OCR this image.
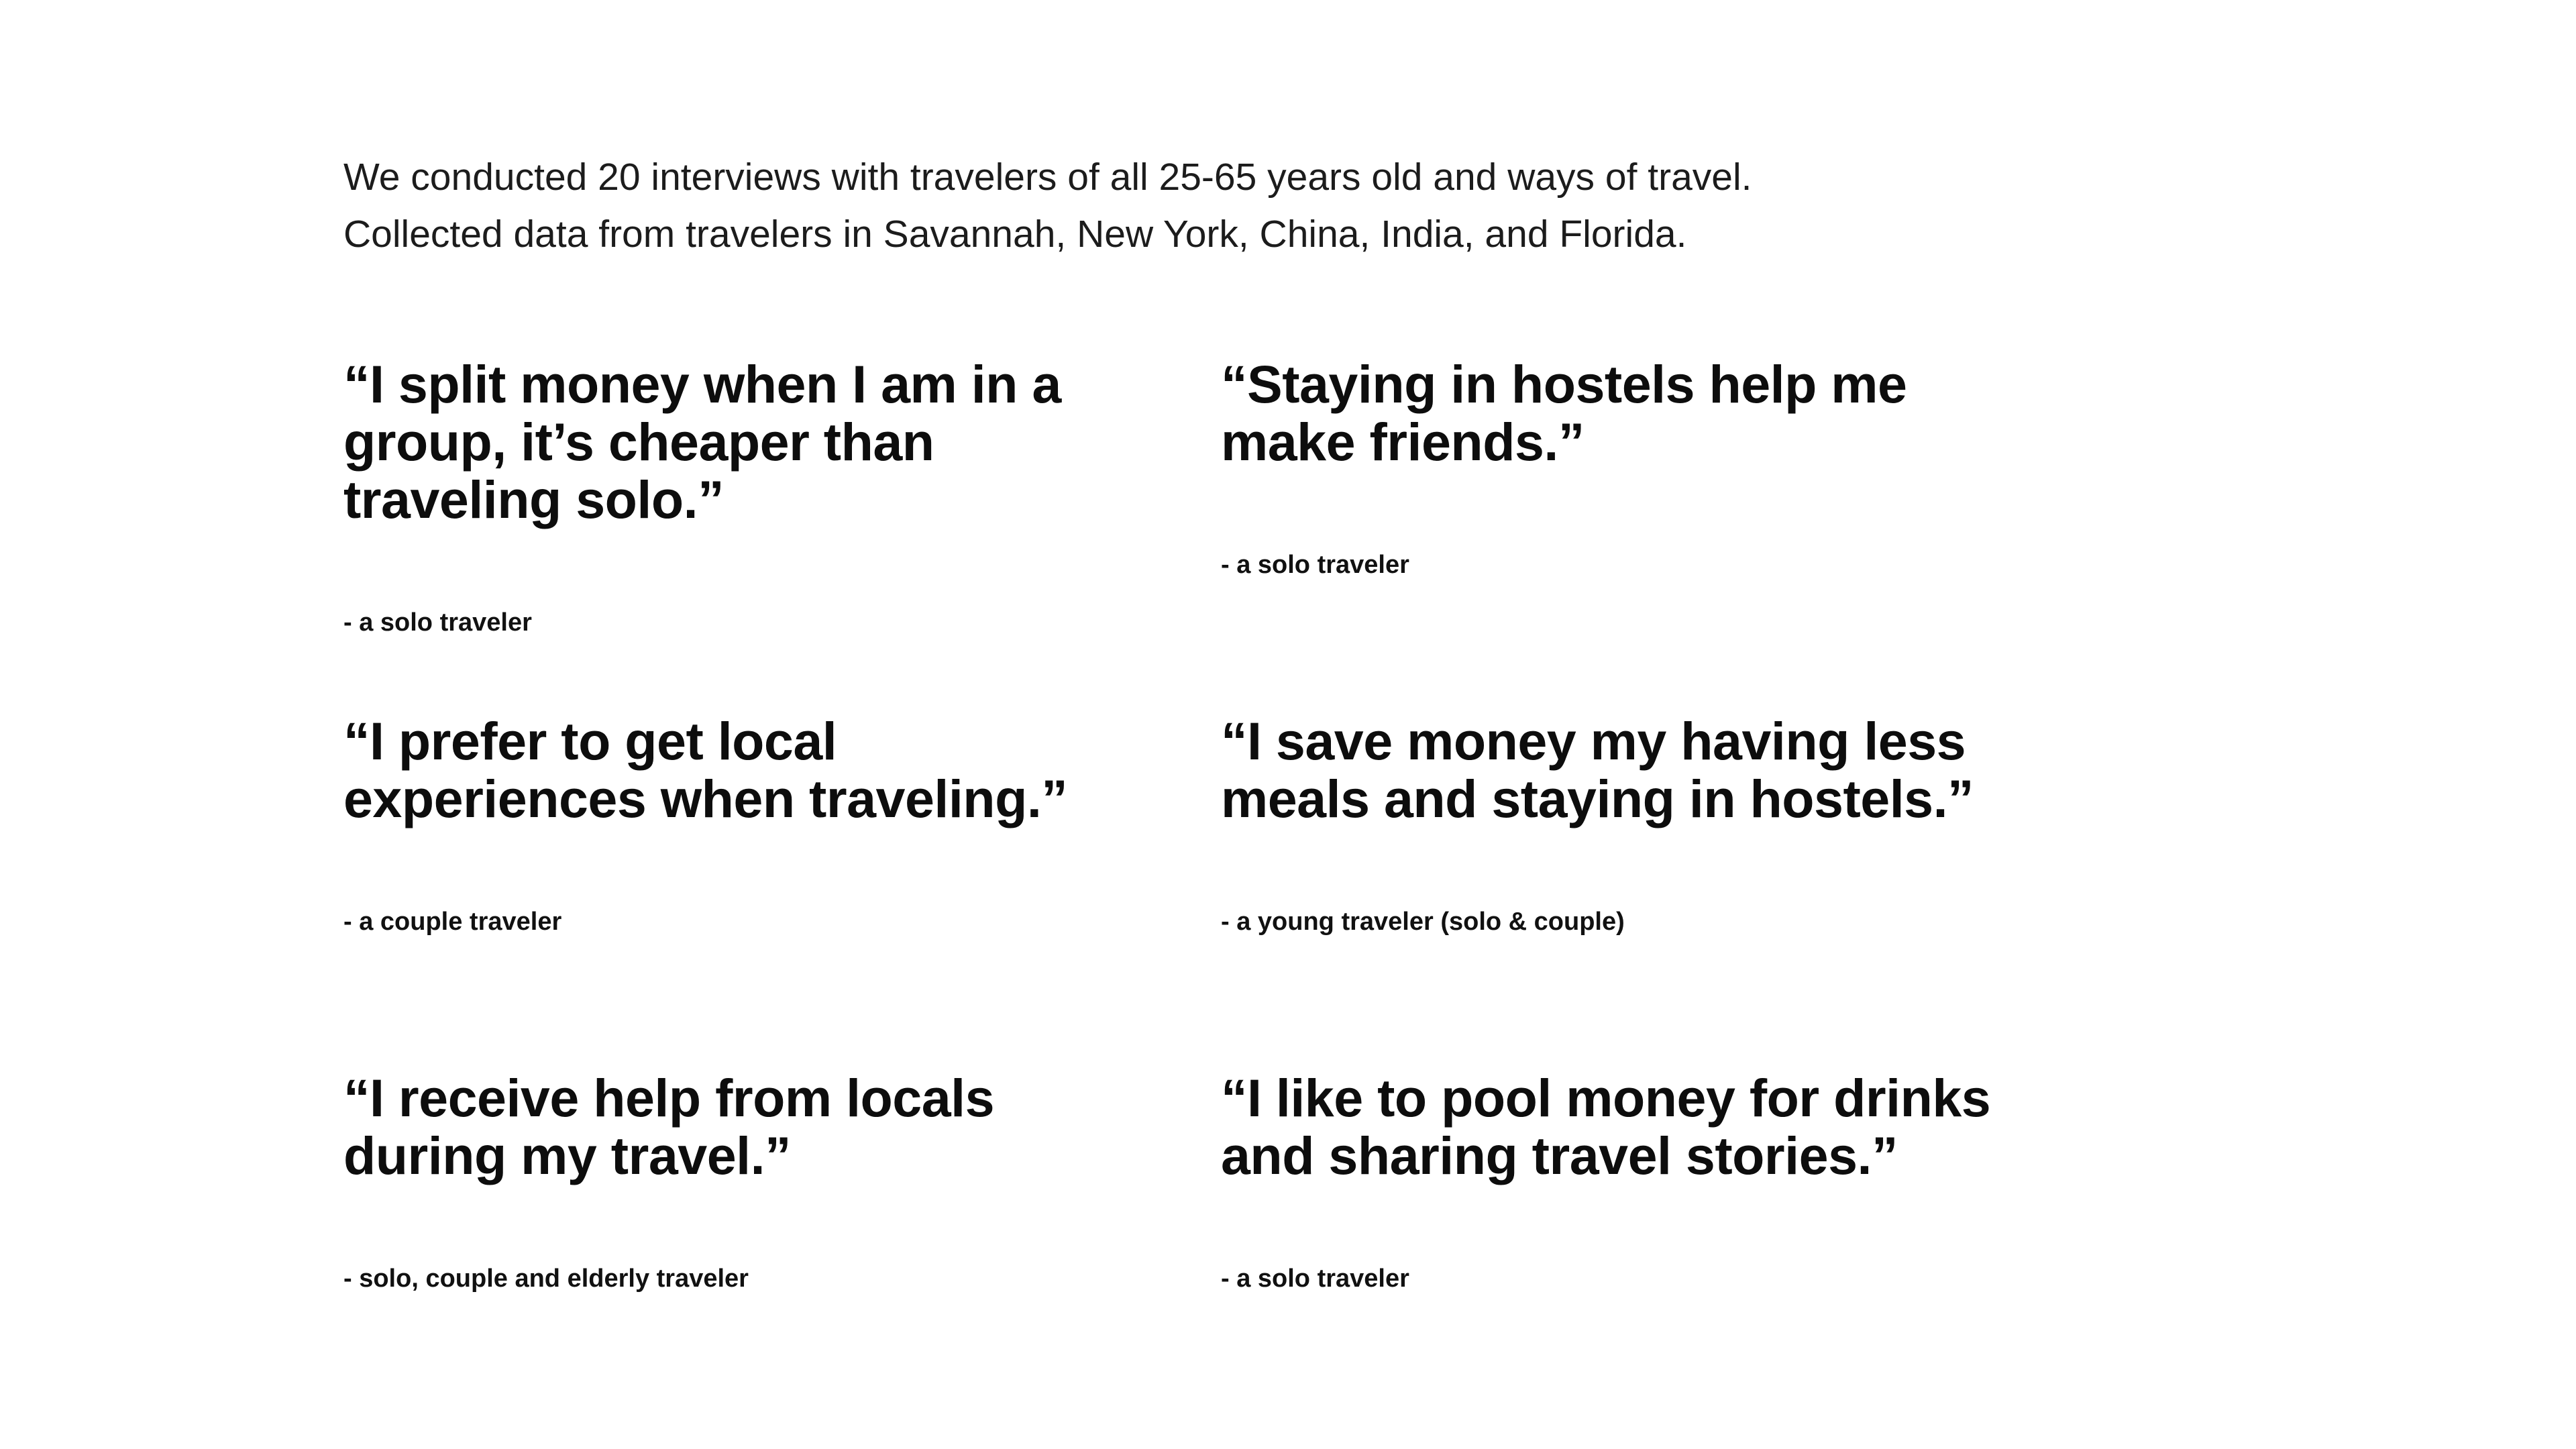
We conducted 20 interviews with travelers of all 25-65 years old and ways of travel.

Collected data from travelers in Savannah, New York, China, India, and Florida.

“I split money when I am in a group, it’s cheaper than traveling solo.”

- a solo traveler

“Staying in hostels help me make friends.”

- a solo traveler

“I prefer to get local experiences when traveling.”

- a couple traveler

“I save money my having less meals and staying in hostels.”

- a young traveler (solo & couple)

“I receive help from locals during my travel.”

- solo, couple and elderly traveler

“I like to pool money for drinks and sharing travel stories.”

- a solo traveler
